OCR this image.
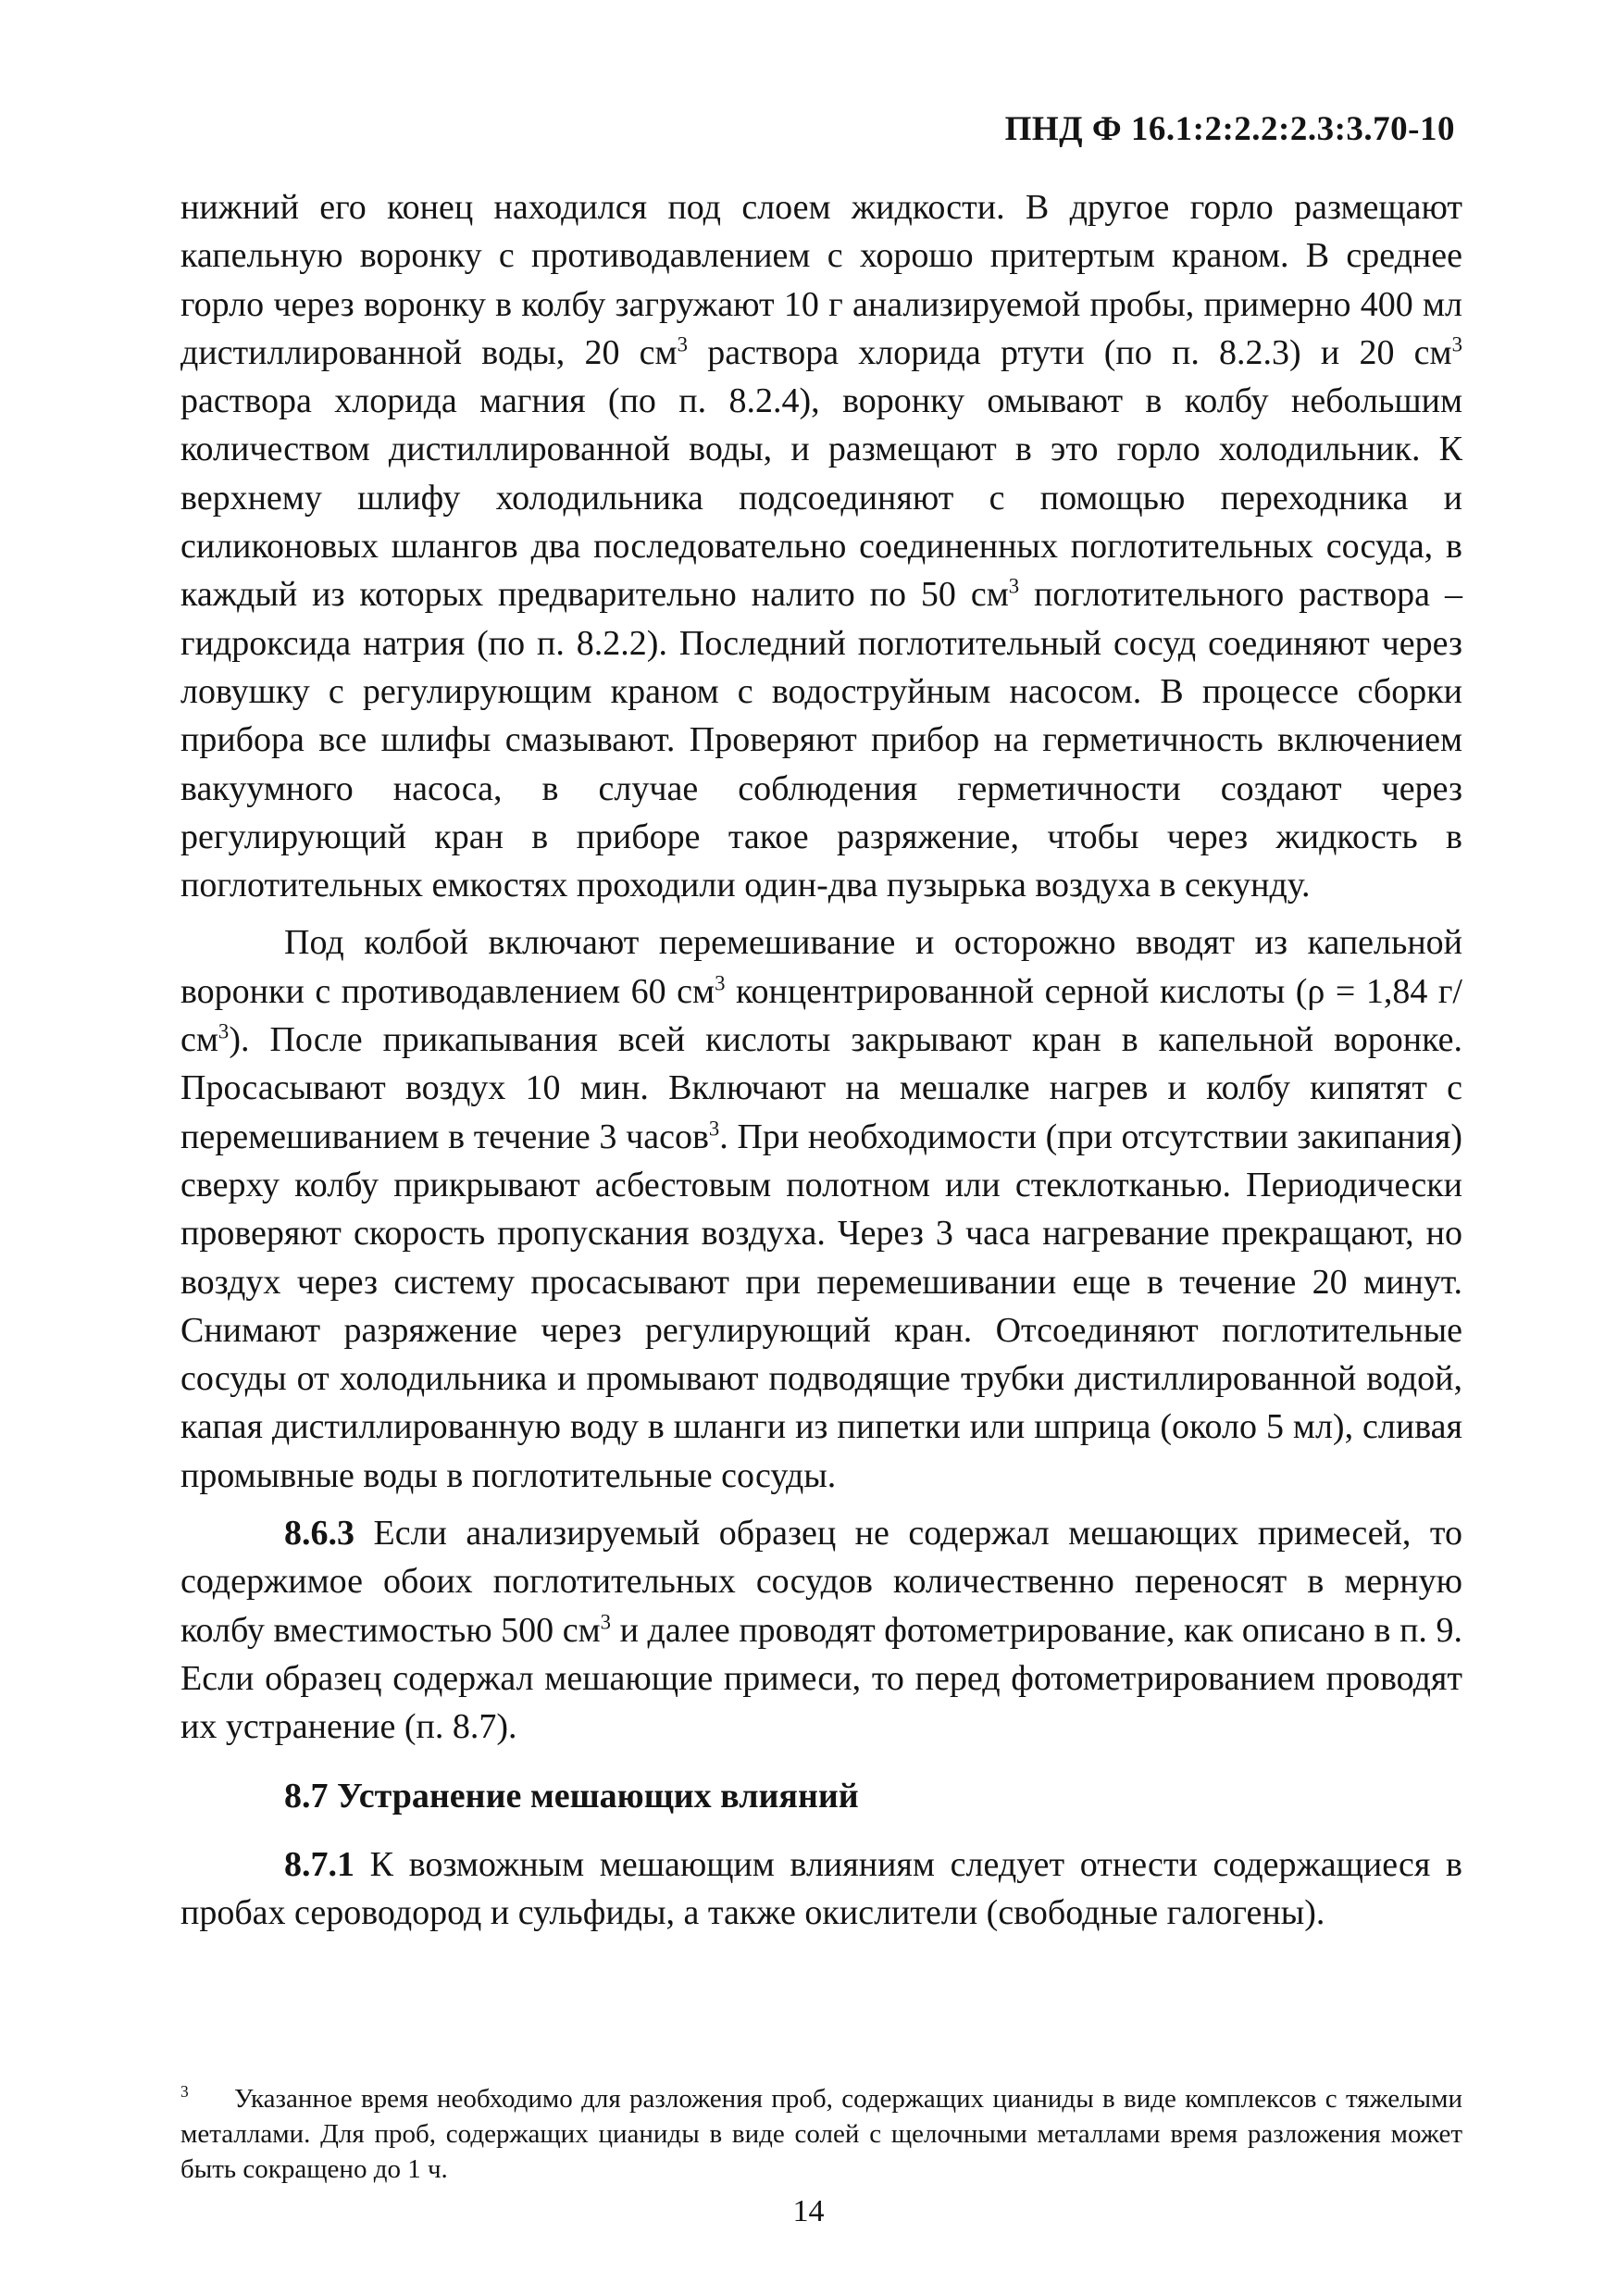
ПНД Ф 16.1:2:2.2:2.3:3.70-10

нижний его конец находился под слоем жидкости. В другое горло размещают капельную воронку с противодавлением с хорошо притертым краном. В среднее горло через воронку в колбу загружают 10 г анализируемой пробы, примерно 400 мл дистиллированной воды, 20 $см^3$ раствора хлорида ртути (по п. 8.2.3) и 20 $см^3$ раствора хлорида магния (по п. 8.2.4), воронку омывают в колбу небольшим количеством дистиллированной воды, и размещают в это горло холодильник. К верхнему шлифу холодильника подсоединяют с помощью переходника и силиконовых шлангов два последовательно соединенных поглотительных сосуда, в каждый из которых предварительно налито по 50 $см^3$ поглотительного раствора – гидроксида натрия (по п. 8.2.2). Последний поглотительный сосуд соединяют через ловушку с регулирующим краном с водоструйным насосом. В процессе сборки прибора все шлифы смазывают. Проверяют прибор на герметичность включением вакуумного насоса, в случае соблюдения герметичности создают через регулирующий кран в приборе такое разряжение, чтобы через жидкость в поглотительных емкостях проходили один-два пузырька воздуха в секунду.

Под колбой включают перемешивание и осторожно вводят из капельной воронки с противодавлением 60 $см^3$ концентрированной серной кислоты (ρ = 1,84 $г/см^3$). После прикапывания всей кислоты закрывают кран в капельной воронке. Просасывают воздух 10 мин. Включают на мешалке нагрев и колбу кипятят с перемешиванием в течение 3 часов$^3$. При необходимости (при отсутствии закипания) сверху колбу прикрывают асбестовым полотном или стеклотканью. Периодически проверяют скорость пропускания воздуха. Через 3 часа нагревание прекращают, но воздух через систему просасывают при перемешивании еще в течение 20 минут. Снимают разряжение через регулирующий кран. Отсоединяют поглотительные сосуды от холодильника и промывают подводящие трубки дистиллированной водой, капая дистиллированную воду в шланги из пипетки или шприца (около 5 мл), сливая промывные воды в поглотительные сосуды.

8.6.3 Если анализируемый образец не содержал мешающих примесей, то содержимое обоих поглотительных сосудов количественно переносят в мерную колбу вместимостью 500 $см^3$ и далее проводят фотометрирование, как описано в п. 9. Если образец содержал мешающие примеси, то перед фотометрированием проводят их устранение (п. 8.7).

8.7 Устранение мешающих влияний

8.7.1 К возможным мешающим влияниям следует отнести содержащиеся в пробах сероводород и сульфиды, а также окислители (свободные галогены).

3 Указанное время необходимо для разложения проб, содержащих цианиды в виде комплексов с тяжелыми металлами. Для проб, содержащих цианиды в виде солей с щелочными металлами время разложения может быть сокращено до 1 ч.
14
